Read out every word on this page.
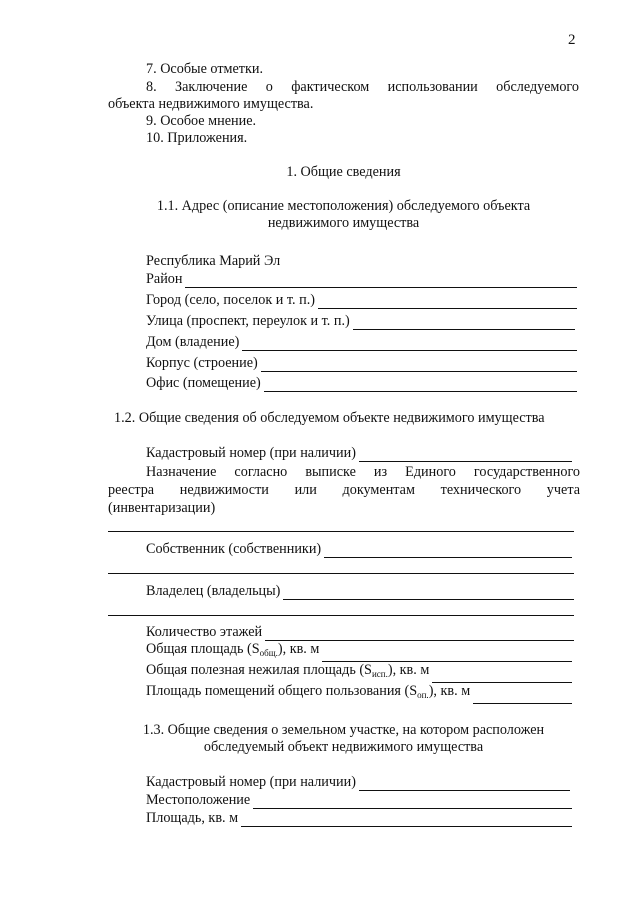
2
7. Особые отметки.
8. Заключение о фактическом использовании обследуемого
объекта недвижимого имущества.
9. Особое мнение.
10. Приложения.
1. Общие сведения
1.1. Адрес (описание местоположения) обследуемого объекта
недвижимого имущества
Республика Марий Эл
Район
Город (село, поселок и т. п.)
Улица (проспект, переулок и т. п.)
Дом (владение)
Корпус (строение)
Офис (помещение)
1.2. Общие сведения об обследуемом объекте недвижимого имущества
Кадастровый номер (при наличии)
Назначение согласно выписке из Единого государственного
реестра недвижимости или документам технического учета
(инвентаризации)
Собственник (собственники)
Владелец (владельцы)
Количество этажей
Общая площадь $(S_{общ.})$, кв. м
Общая полезная нежилая площадь $(S_{исп.})$, кв. м
Площадь помещений общего пользования $(S_{оп.})$, кв. м
1.3. Общие сведения о земельном участке, на котором расположен
обследуемый объект недвижимого имущества
Кадастровый номер (при наличии)
Местоположение
Площадь, кв. м
